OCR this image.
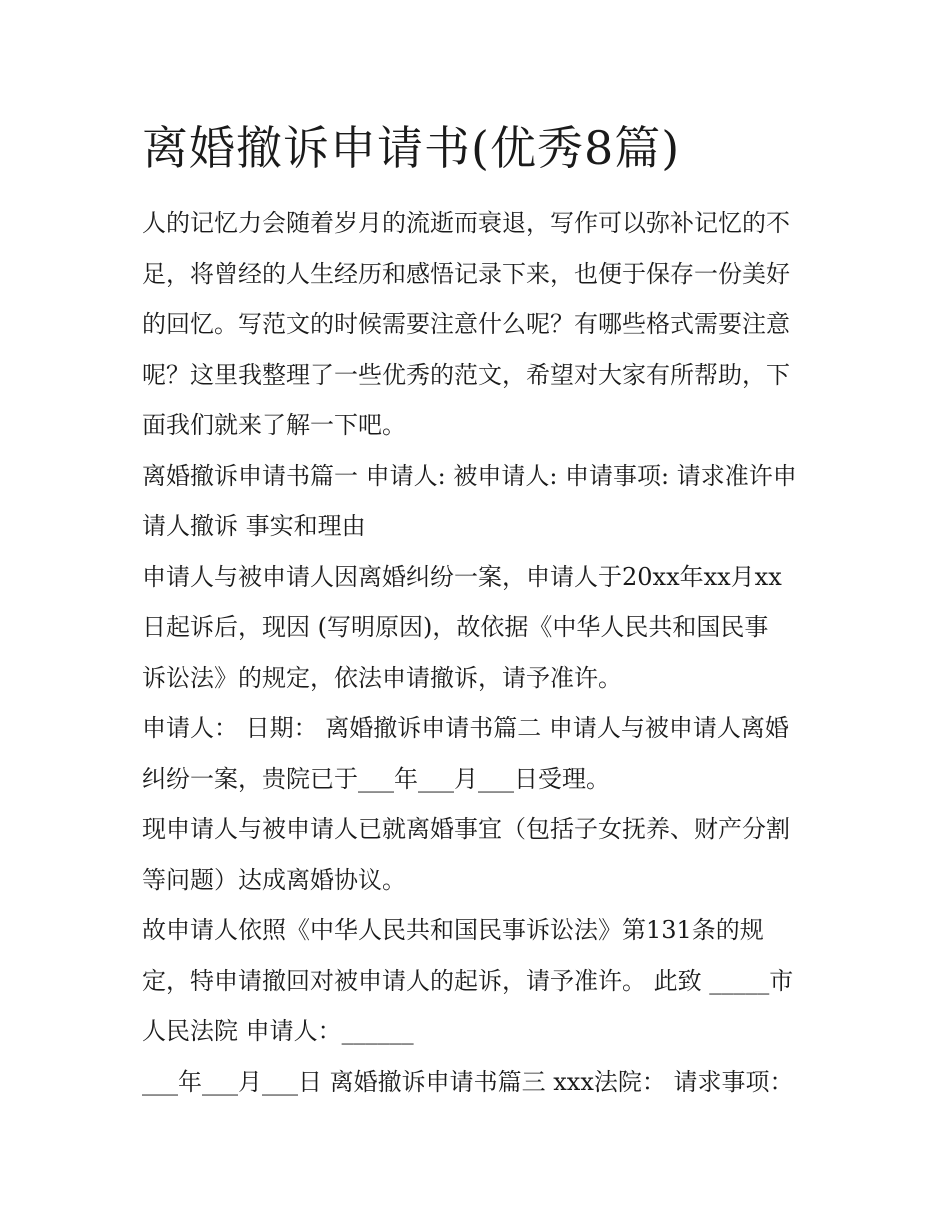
离婚撤诉申请书(优秀8篇)

人的记忆力会随着岁月的流逝而衰退，写作可以弥补记忆的不
足，将曾经的人生经历和感悟记录下来，也便于保存一份美好
的回忆。写范文的时候需要注意什么呢？有哪些格式需要注意
呢？这里我整理了一些优秀的范文，希望对大家有所帮助，下
面我们就来了解一下吧。

离婚撤诉申请书篇一 申请人: 被申请人: 申请事项: 请求准许申
请人撤诉 事实和理由

申请人与被申请人因离婚纠纷一案，申请人于20xx年xx月xx
日起诉后，现因 (写明原因)，故依据《中华人民共和国民事
诉讼法》的规定，依法申请撤诉，请予准许。

申请人： 日期： 离婚撤诉申请书篇二 申请人与被申请人离婚
纠纷一案，贵院已于___年___月___日受理。

现申请人与被申请人已就离婚事宜（包括子女抚养、财产分割
等问题）达成离婚协议。

故申请人依照《中华人民共和国民事诉讼法》第131条的规
定，特申请撤回对被申请人的起诉，请予准许。 此致 _____市
人民法院 申请人：______

___年___月___日 离婚撤诉申请书篇三 xxx法院： 请求事项：
